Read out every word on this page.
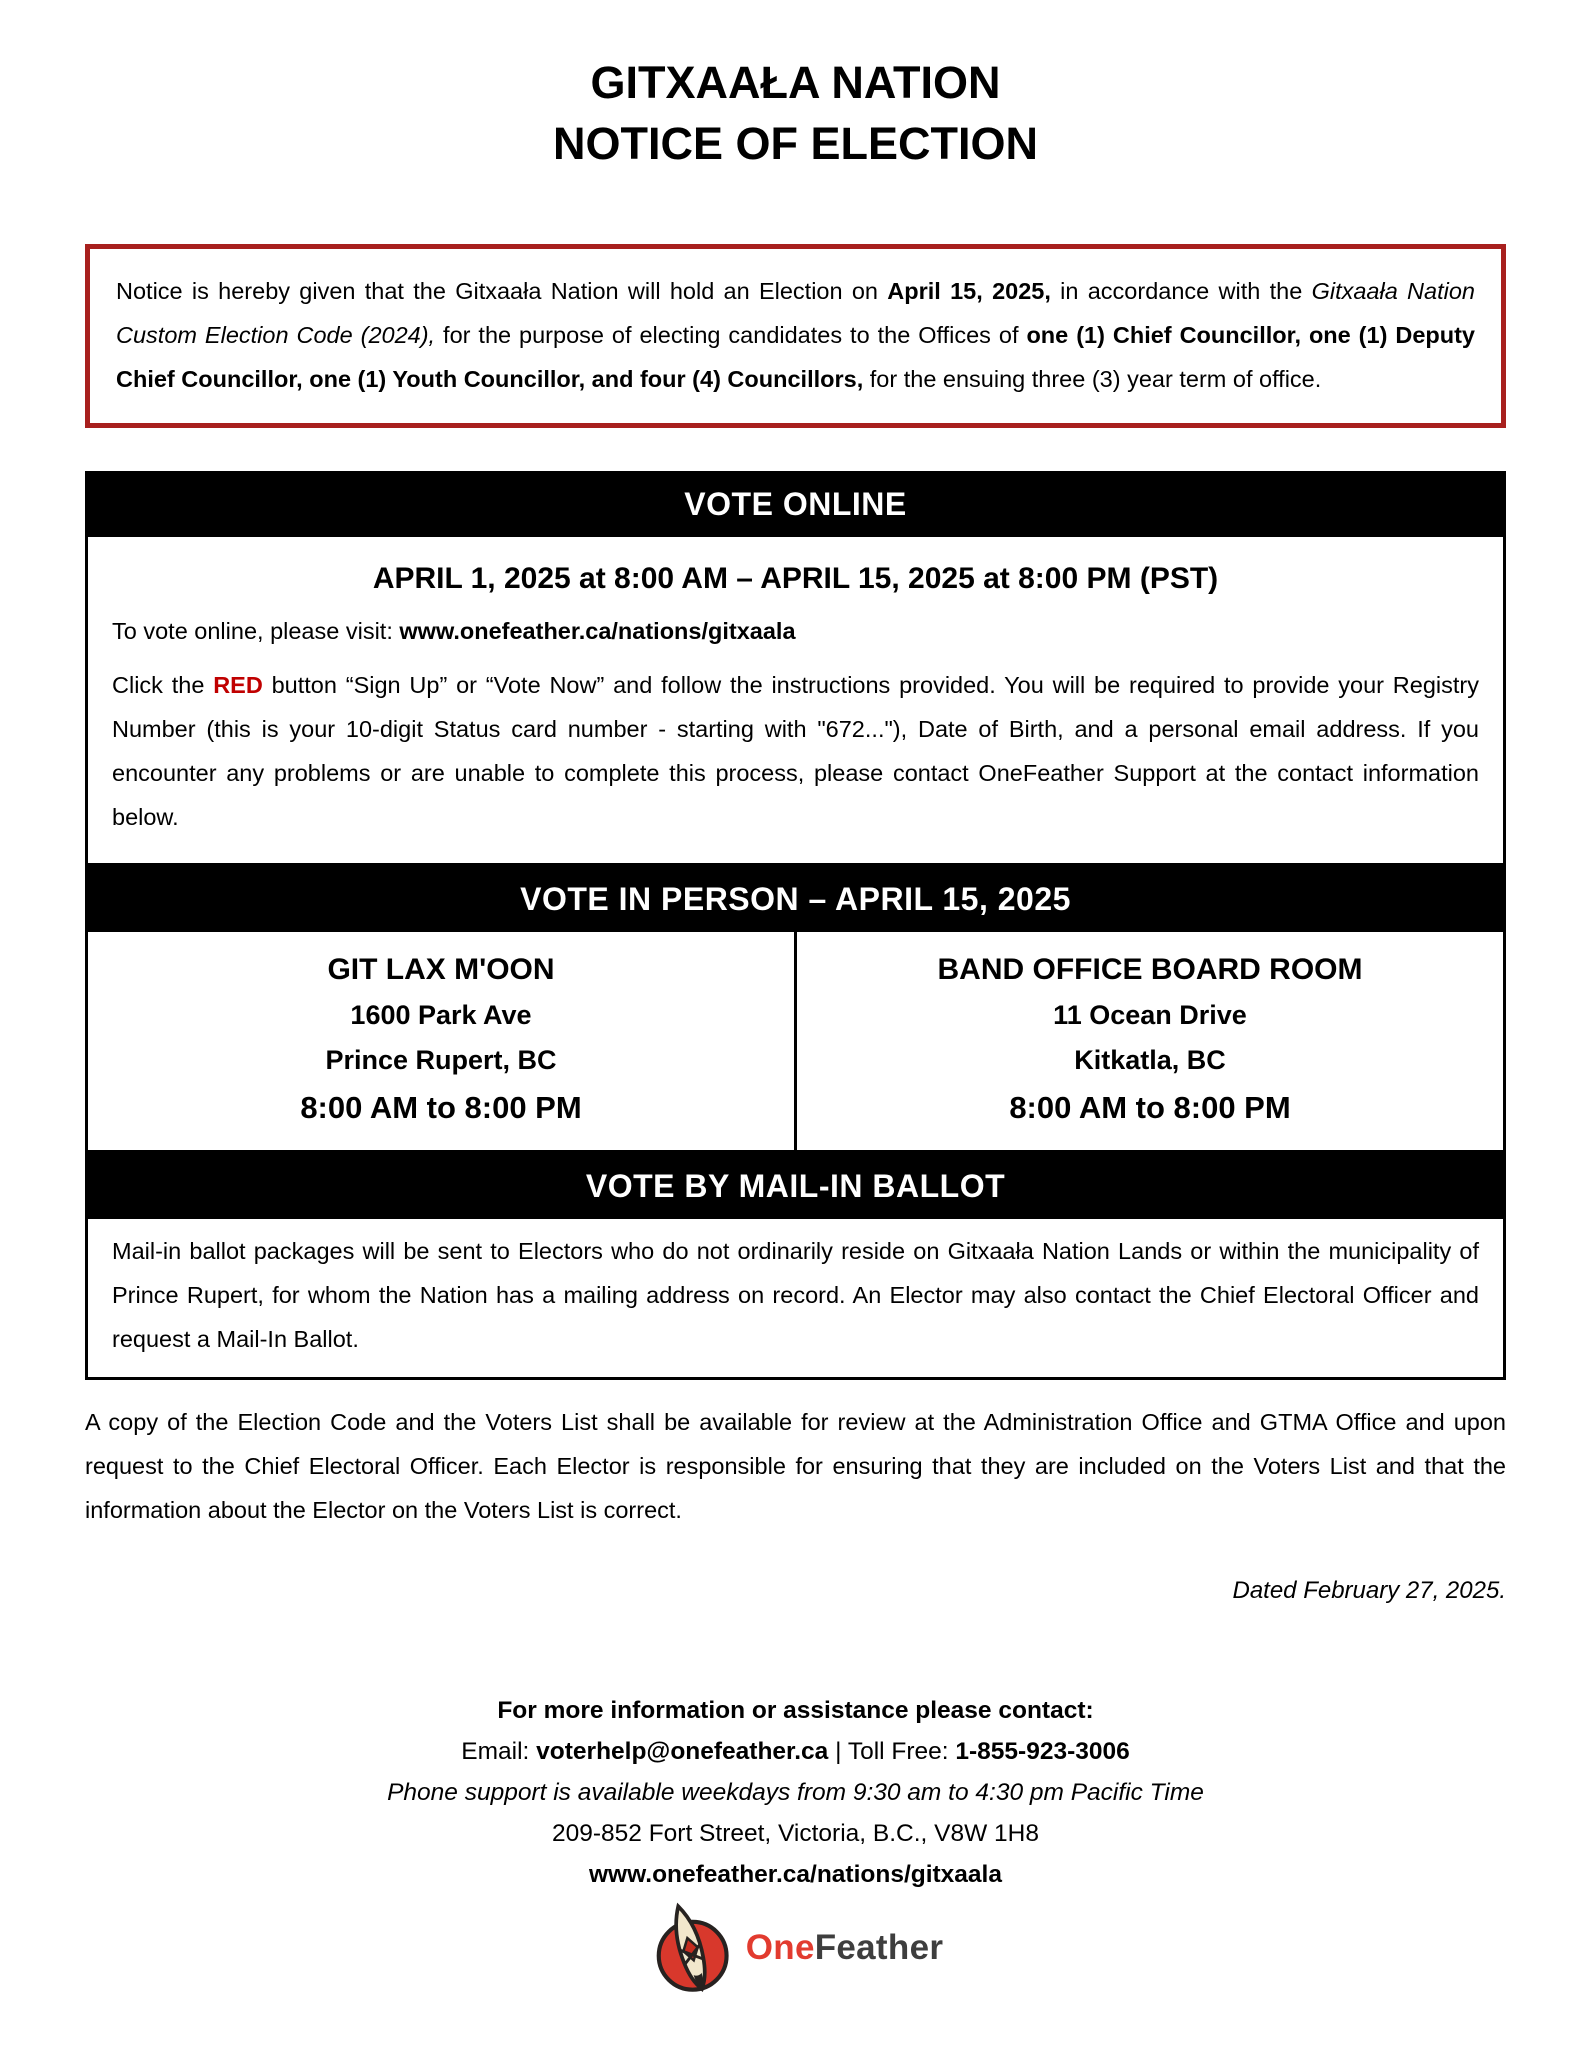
GITXAAŁA NATION
NOTICE OF ELECTION
Notice is hereby given that the Gitxaała Nation will hold an Election on April 15, 2025, in accordance with the Gitxaała Nation Custom Election Code (2024), for the purpose of electing candidates to the Offices of one (1) Chief Councillor, one (1) Deputy Chief Councillor, one (1) Youth Councillor, and four (4) Councillors, for the ensuing three (3) year term of office.
VOTE ONLINE
APRIL 1, 2025 at 8:00 AM – APRIL 15, 2025 at 8:00 PM (PST)
To vote online, please visit: www.onefeather.ca/nations/gitxaala
Click the RED button “Sign Up” or “Vote Now” and follow the instructions provided. You will be required to provide your Registry Number (this is your 10-digit Status card number - starting with "672..."), Date of Birth, and a personal email address. If you encounter any problems or are unable to complete this process, please contact OneFeather Support at the contact information below.
VOTE IN PERSON – APRIL 15, 2025
GIT LAX M'OON
1600 Park Ave
Prince Rupert, BC
8:00 AM to 8:00 PM
BAND OFFICE BOARD ROOM
11 Ocean Drive
Kitkatla, BC
8:00 AM to 8:00 PM
VOTE BY MAIL-IN BALLOT
Mail-in ballot packages will be sent to Electors who do not ordinarily reside on Gitxaała Nation Lands or within the municipality of Prince Rupert, for whom the Nation has a mailing address on record. An Elector may also contact the Chief Electoral Officer and request a Mail-In Ballot.
A copy of the Election Code and the Voters List shall be available for review at the Administration Office and GTMA Office and upon request to the Chief Electoral Officer. Each Elector is responsible for ensuring that they are included on the Voters List and that the information about the Elector on the Voters List is correct.
Dated February 27, 2025.
For more information or assistance please contact:
Email: voterhelp@onefeather.ca | Toll Free: 1-855-923-3006
Phone support is available weekdays from 9:30 am to 4:30 pm Pacific Time
209-852 Fort Street, Victoria, B.C., V8W 1H8
www.onefeather.ca/nations/gitxaala
OneFeather
